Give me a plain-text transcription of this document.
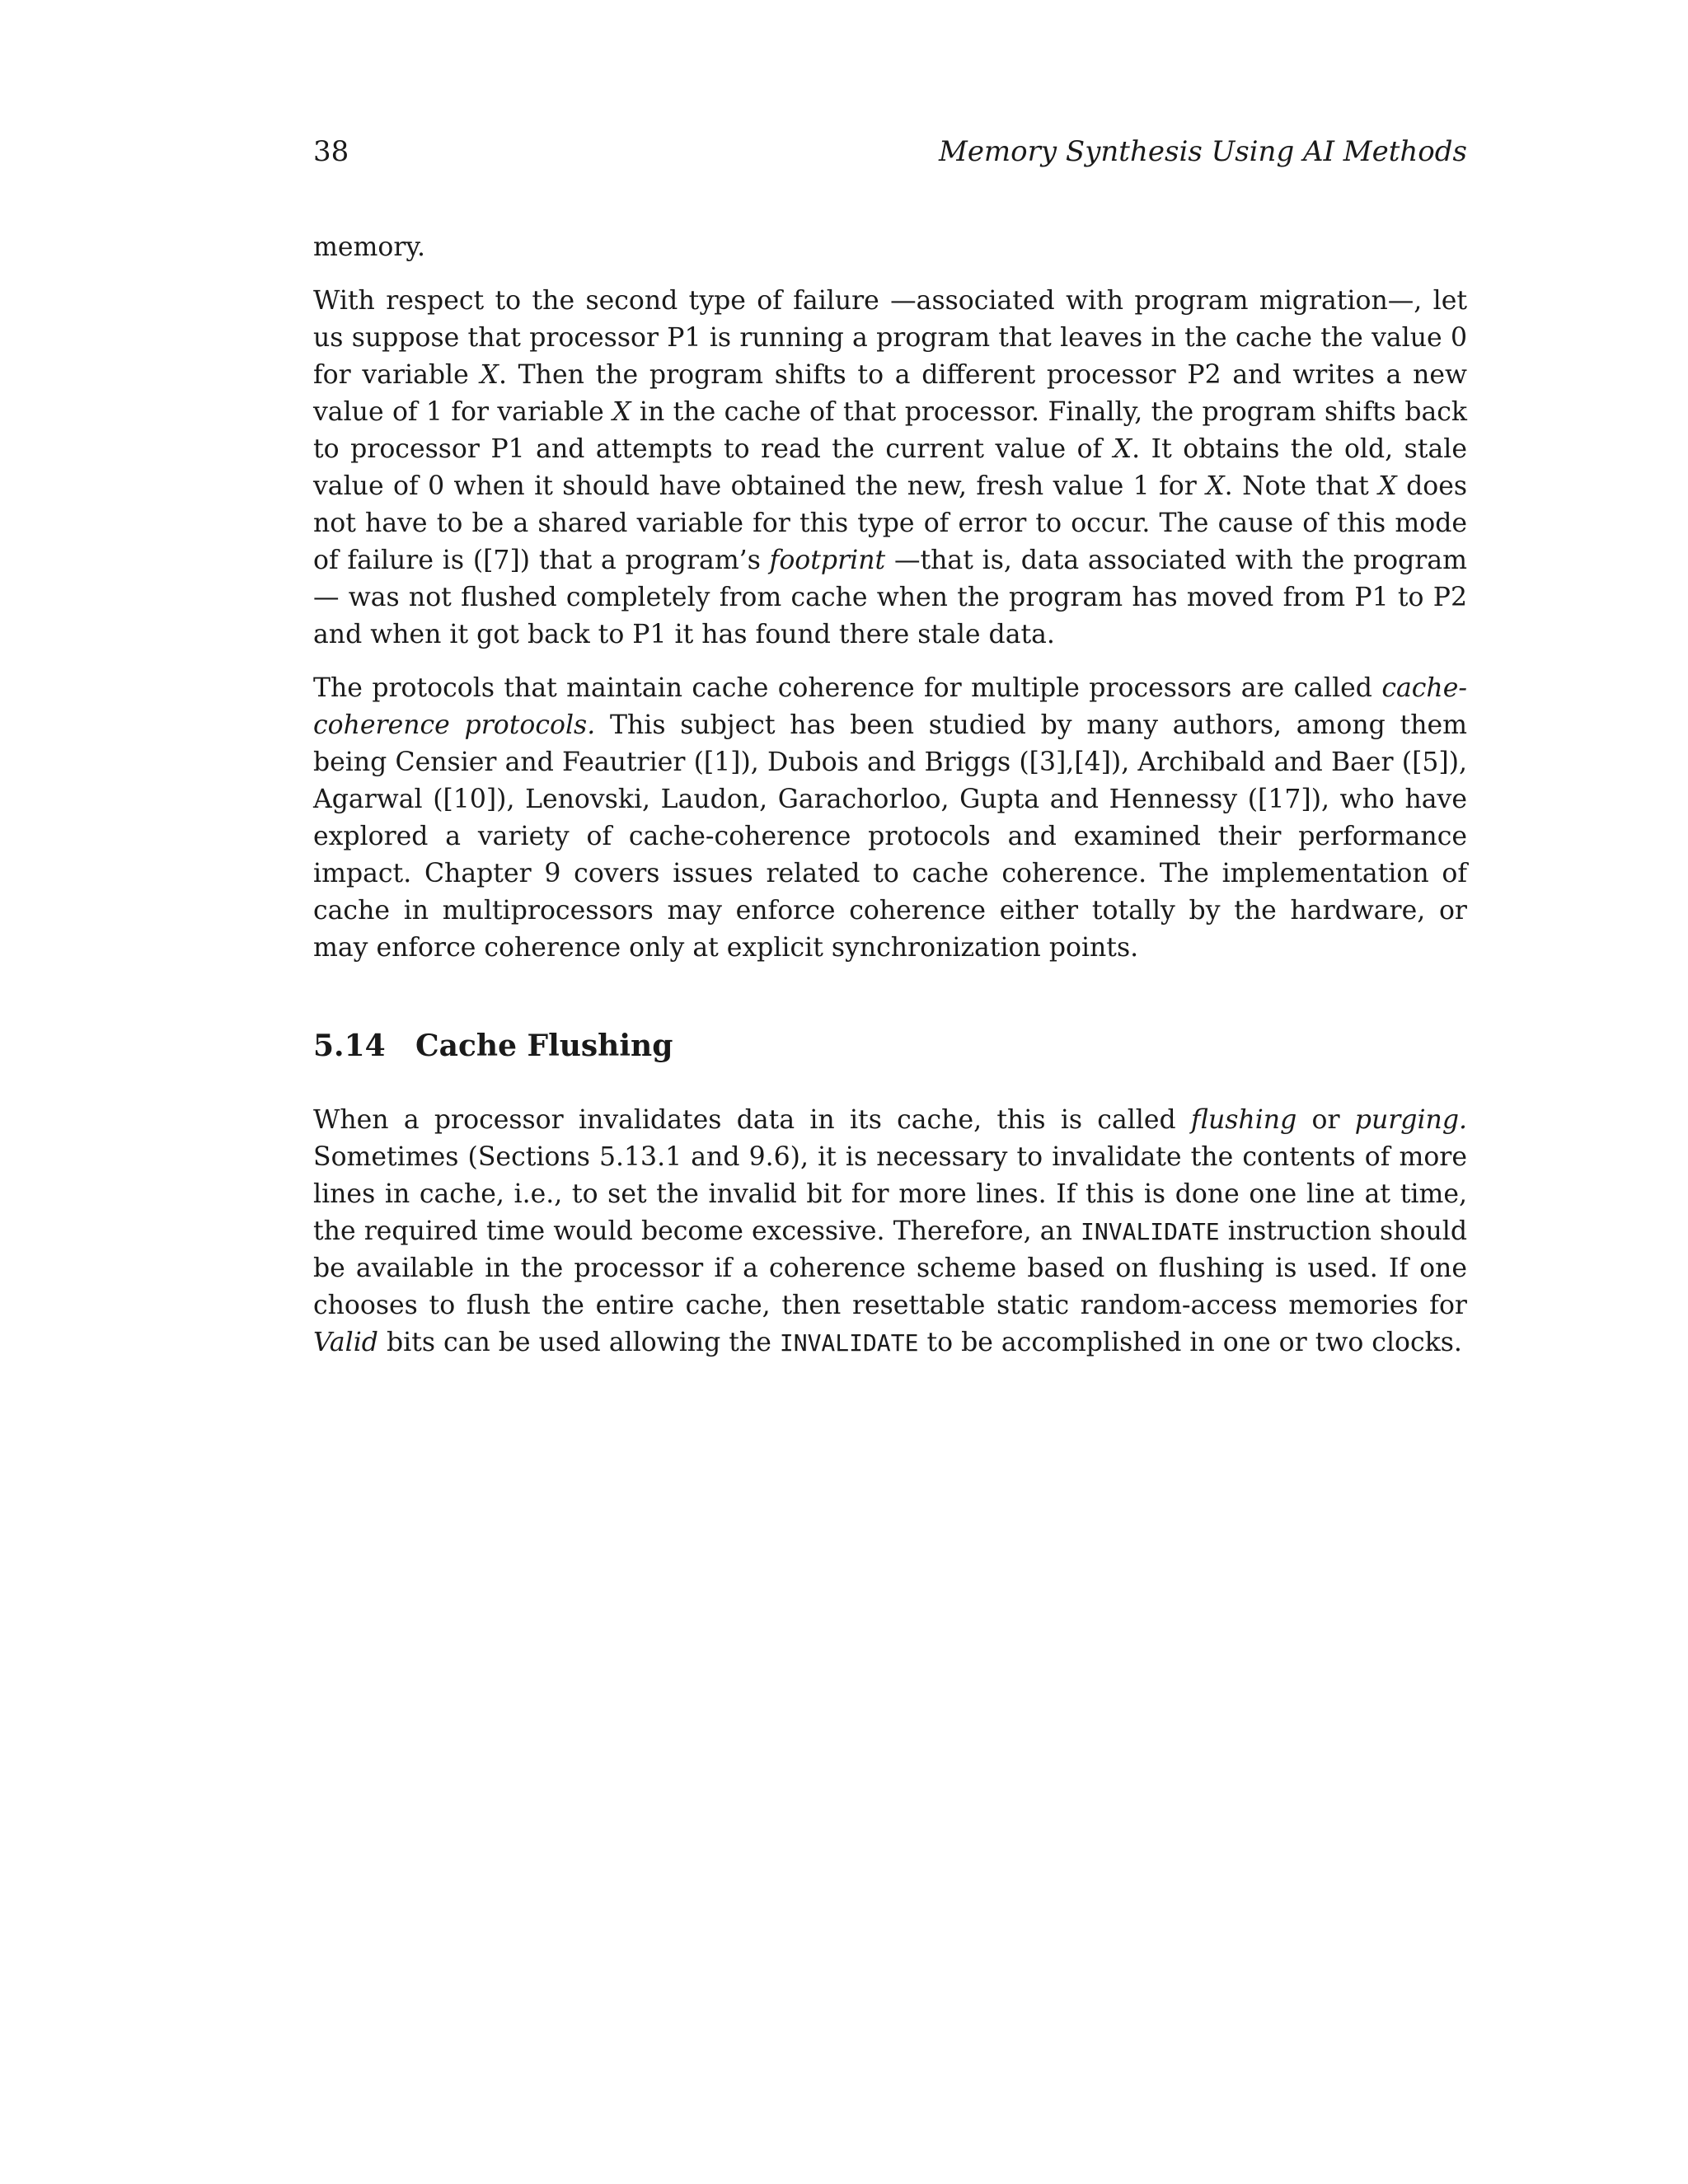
38	Memory Synthesis Using AI Methods

memory.

With respect to the second type of failure —associated with program migration—, let us suppose that processor P1 is running a program that leaves in the cache the value 0 for variable X. Then the program shifts to a different processor P2 and writes a new value of 1 for variable X in the cache of that processor. Finally, the program shifts back to processor P1 and attempts to read the current value of X. It obtains the old, stale value of 0 when it should have obtained the new, fresh value 1 for X. Note that X does not have to be a shared variable for this type of error to occur. The cause of this mode of failure is ([7]) that a program’s footprint —that is, data associated with the program— was not flushed completely from cache when the program has moved from P1 to P2 and when it got back to P1 it has found there stale data.

The protocols that maintain cache coherence for multiple processors are called cache-coherence protocols. This subject has been studied by many authors, among them being Censier and Feautrier ([1]), Dubois and Briggs ([3],[4]), Archibald and Baer ([5]), Agarwal ([10]), Lenovski, Laudon, Garachorloo, Gupta and Hennessy ([17]), who have explored a variety of cache-coherence protocols and examined their performance impact. Chapter 9 covers issues related to cache coherence. The implementation of cache in multiprocessors may enforce coherence either totally by the hardware, or may enforce coherence only at explicit synchronization points.

5.14 Cache Flushing

When a processor invalidates data in its cache, this is called flushing or purging. Sometimes (Sections 5.13.1 and 9.6), it is necessary to invalidate the contents of more lines in cache, i.e., to set the invalid bit for more lines. If this is done one line at time, the required time would become excessive. Therefore, an INVALIDATE instruction should be available in the processor if a coherence scheme based on flushing is used. If one chooses to flush the entire cache, then resettable static random-access memories for Valid bits can be used allowing the INVALIDATE to be accomplished in one or two clocks.
